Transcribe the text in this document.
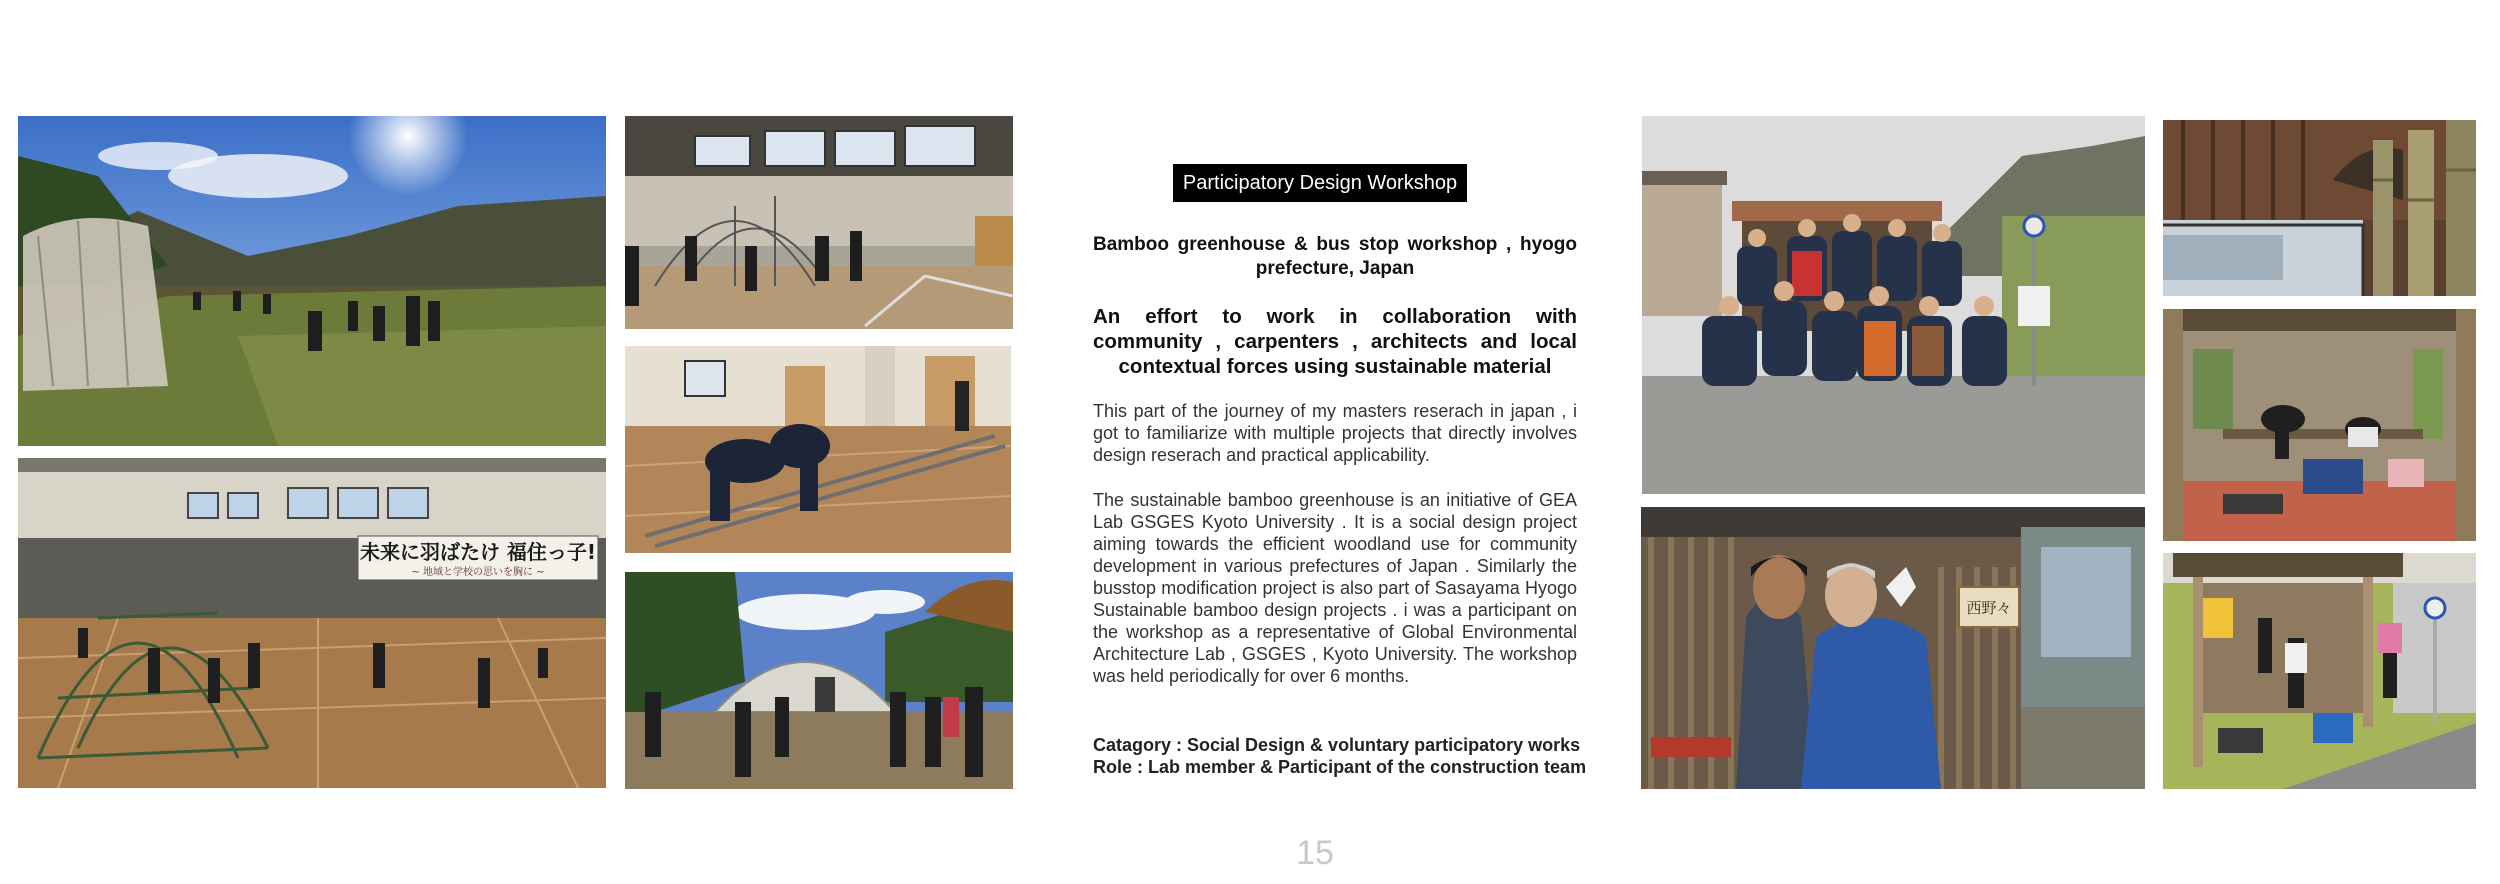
未来に羽ばたけ 福住っ子!
~ 地域と学校の思いを胸に ~
Participatory Design Workshop
Bamboo greenhouse & bus stop workshop , hyogo prefecture, Japan
An effort to work in collaboration with community , carpenters , architects and local contextual forces using sustainable material
This part of the journey of my masters reserach in japan , i got to familiarize with multiple projects that directly involves design reserach and practical applicability.
The sustainable bamboo greenhouse is an initiative of GEA Lab GSGES Kyoto University . It is a social design project aiming towards the efficient woodland use for community development in various prefectures of Japan . Similarly the busstop modification project is also part of Sasayama Hyogo Sustainable bamboo design projects . i was a participant on the workshop as a representative of Global Environmental Architecture Lab , GSGES , Kyoto University. The workshop was held periodically for over 6 months.
Catagory : Social Design & voluntary participatory works
Role : Lab member & Participant of the construction team
西野々
15
